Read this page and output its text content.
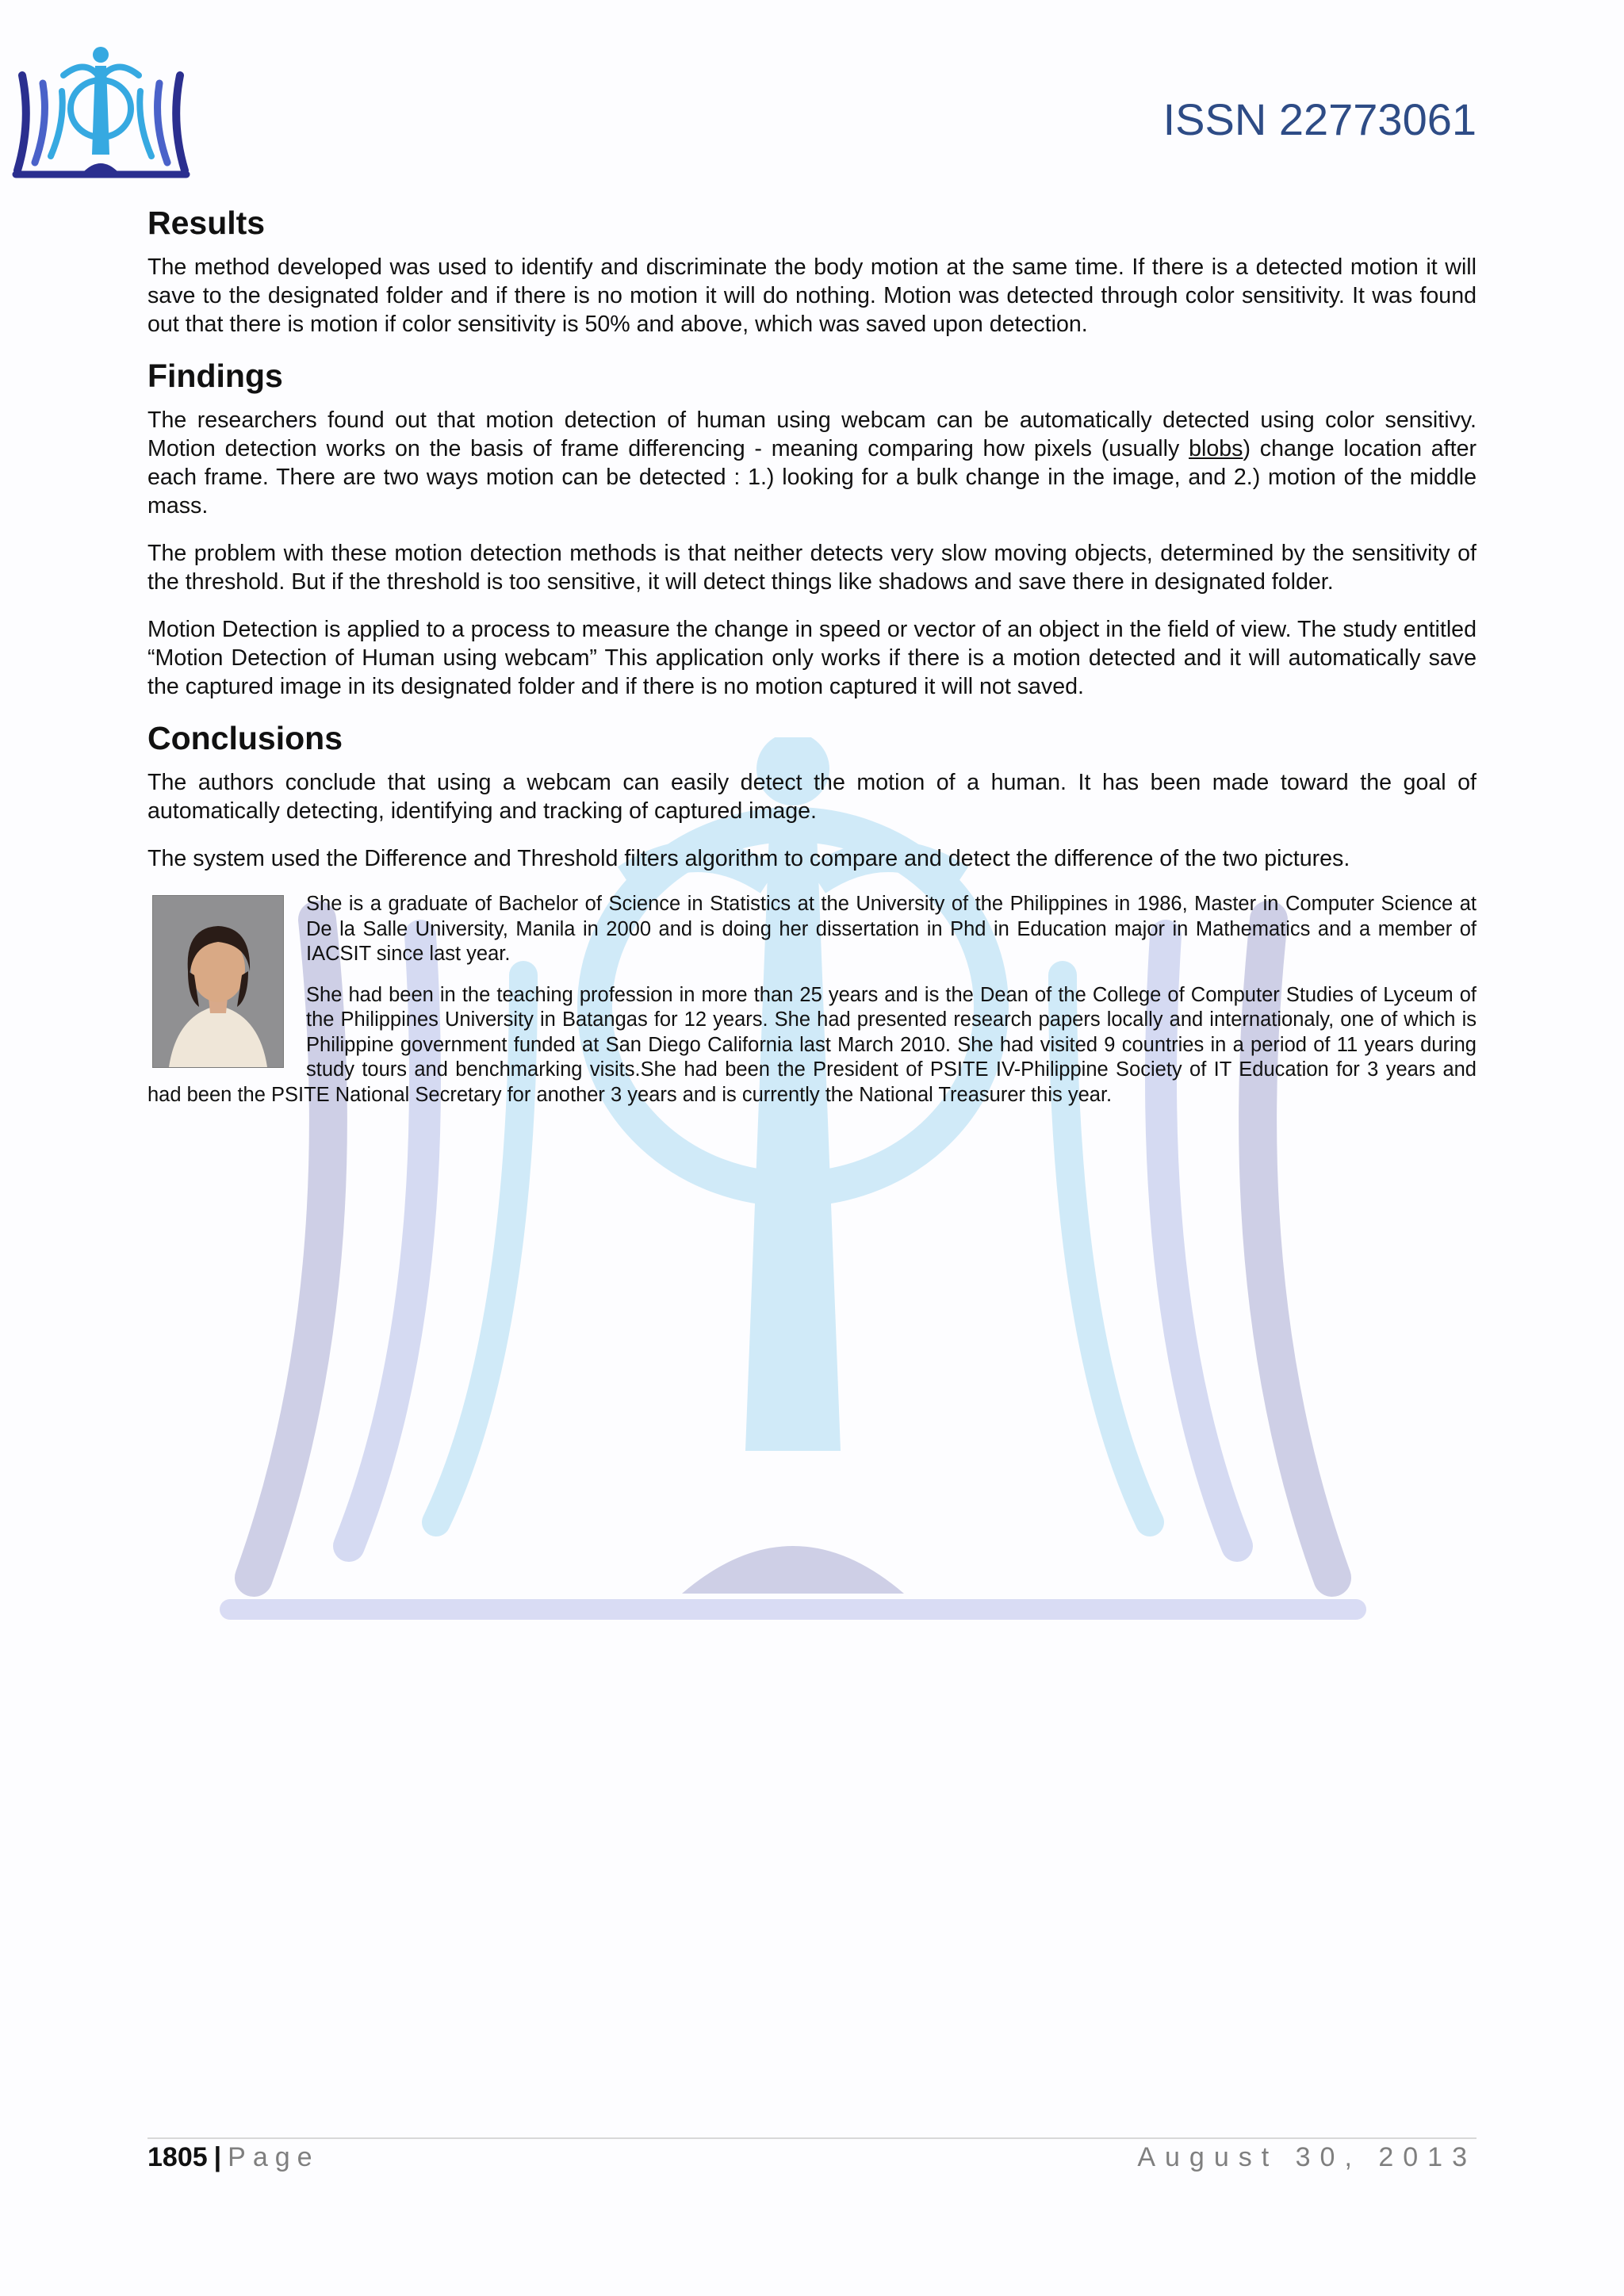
ISSN 22773061
Results

The method developed was used to identify and discriminate the body motion at the same time. If there is a detected motion it will save to the designated folder and if there is no motion it will do nothing. Motion was detected through color sensitivity. It was found out that there is motion if color sensitivity is 50% and above, which was saved upon detection.

Findings

The researchers found out that motion detection of human using webcam can be automatically detected using color sensitivy. Motion detection works on the basis of frame differencing - meaning comparing how pixels (usually blobs) change location after each frame. There are two ways motion can be detected : 1.) looking for a bulk change in the image, and 2.) motion of the middle mass.

The problem with these motion detection methods is that neither detects very slow moving objects, determined by the sensitivity of the threshold. But if the threshold is too sensitive, it will detect things like shadows and save there in designated folder.

Motion Detection is applied to a process to measure the change in speed or vector of an object in the field of view. The study entitled “Motion Detection of Human using webcam” This application only works if there is a motion detected and it will automatically save the captured image in its designated folder and if there is no motion captured it will not saved.

Conclusions

The authors conclude that using a webcam can easily detect the motion of a human. It has been made toward the goal of automatically detecting, identifying and tracking of captured image.

The system used the Difference and Threshold filters algorithm to compare and detect the difference of the two pictures.

She is a graduate of Bachelor of Science in Statistics at the University of the Philippines in 1986, Master in Computer Science at De la Salle University, Manila in 2000 and is doing her dissertation in Phd in Education major in Mathematics and a member of IACSIT since last year.

She had been in the teaching profession in more than 25 years and is the Dean of the College of Computer Studies of Lyceum of the Philippines University in Batangas for 12 years. She had presented research papers locally and internationaly, one of which is Philippine government funded at San Diego California last March 2010. She had visited 9 countries in a period of 11 years during study tours and benchmarking visits.She had been the President of PSITE IV-Philippine Society of IT Education for 3 years and had been the PSITE National Secretary for another 3 years and is currently the National Treasurer this year.

1805 | Page	August 30, 2013
